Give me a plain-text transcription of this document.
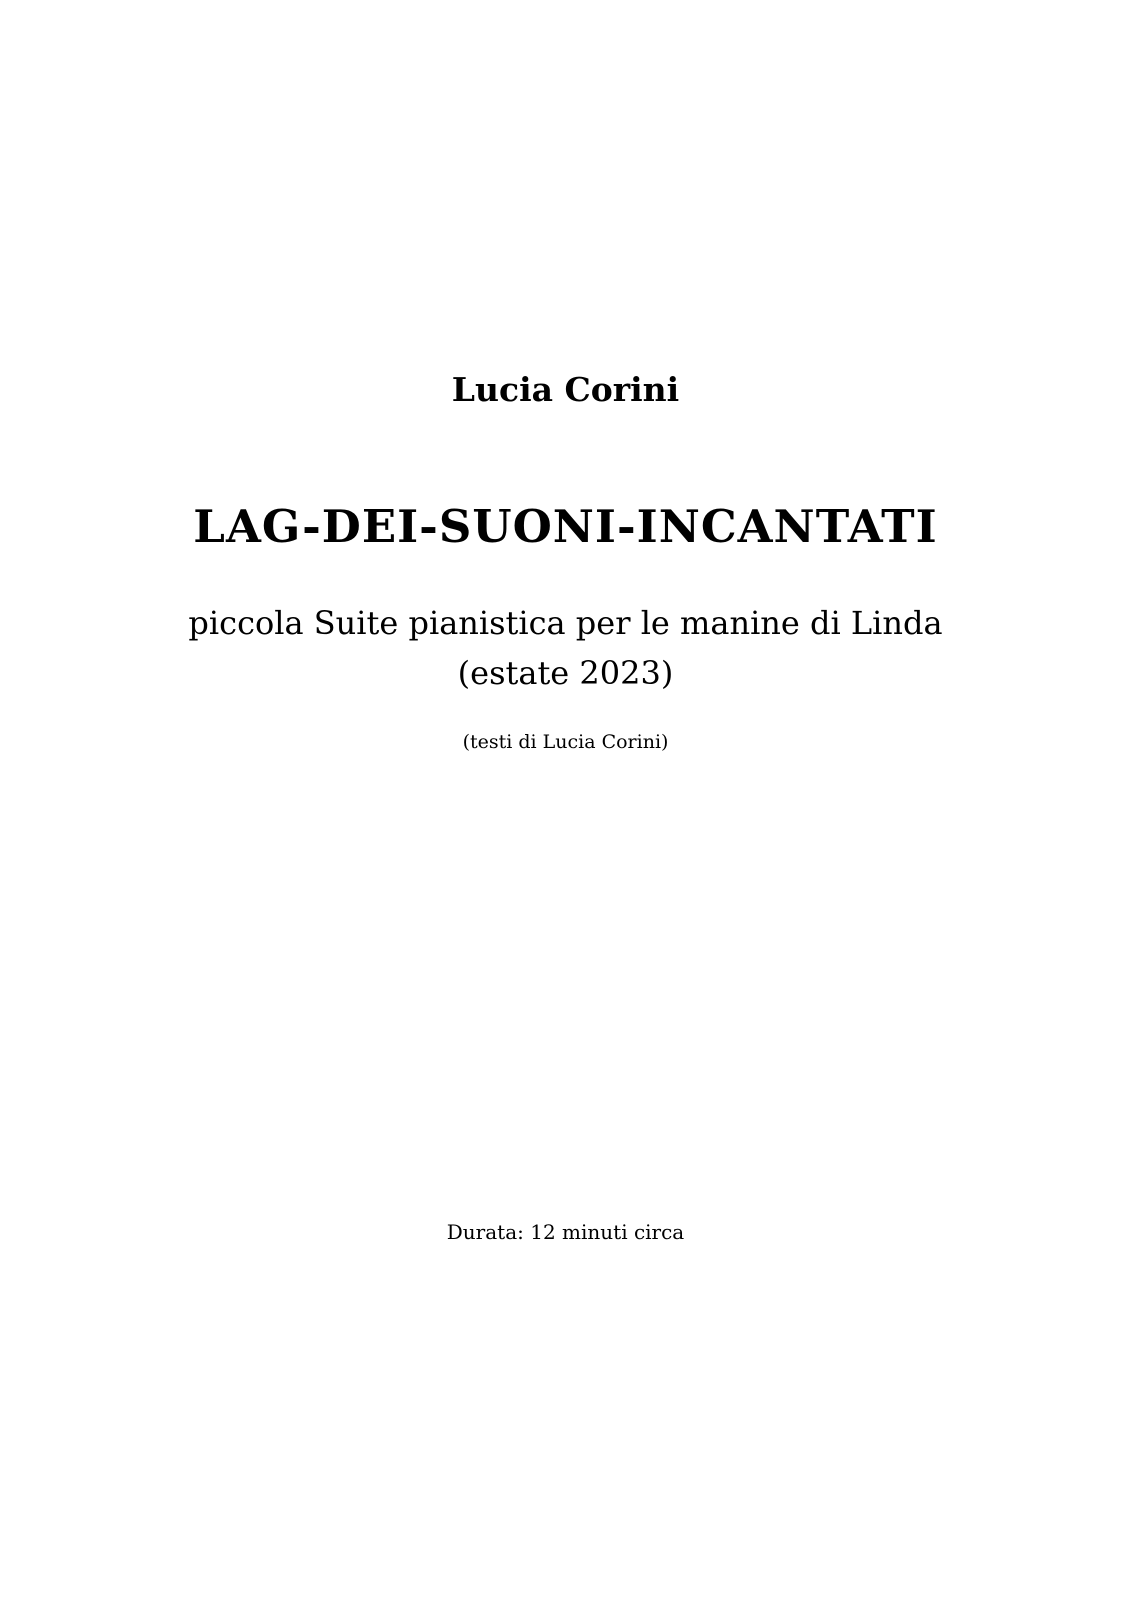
Lucia Corini
LAG-DEI-SUONI-INCANTATI
piccola Suite pianistica per le manine di Linda
(estate 2023)
(testi di Lucia Corini)
Durata: 12 minuti circa
